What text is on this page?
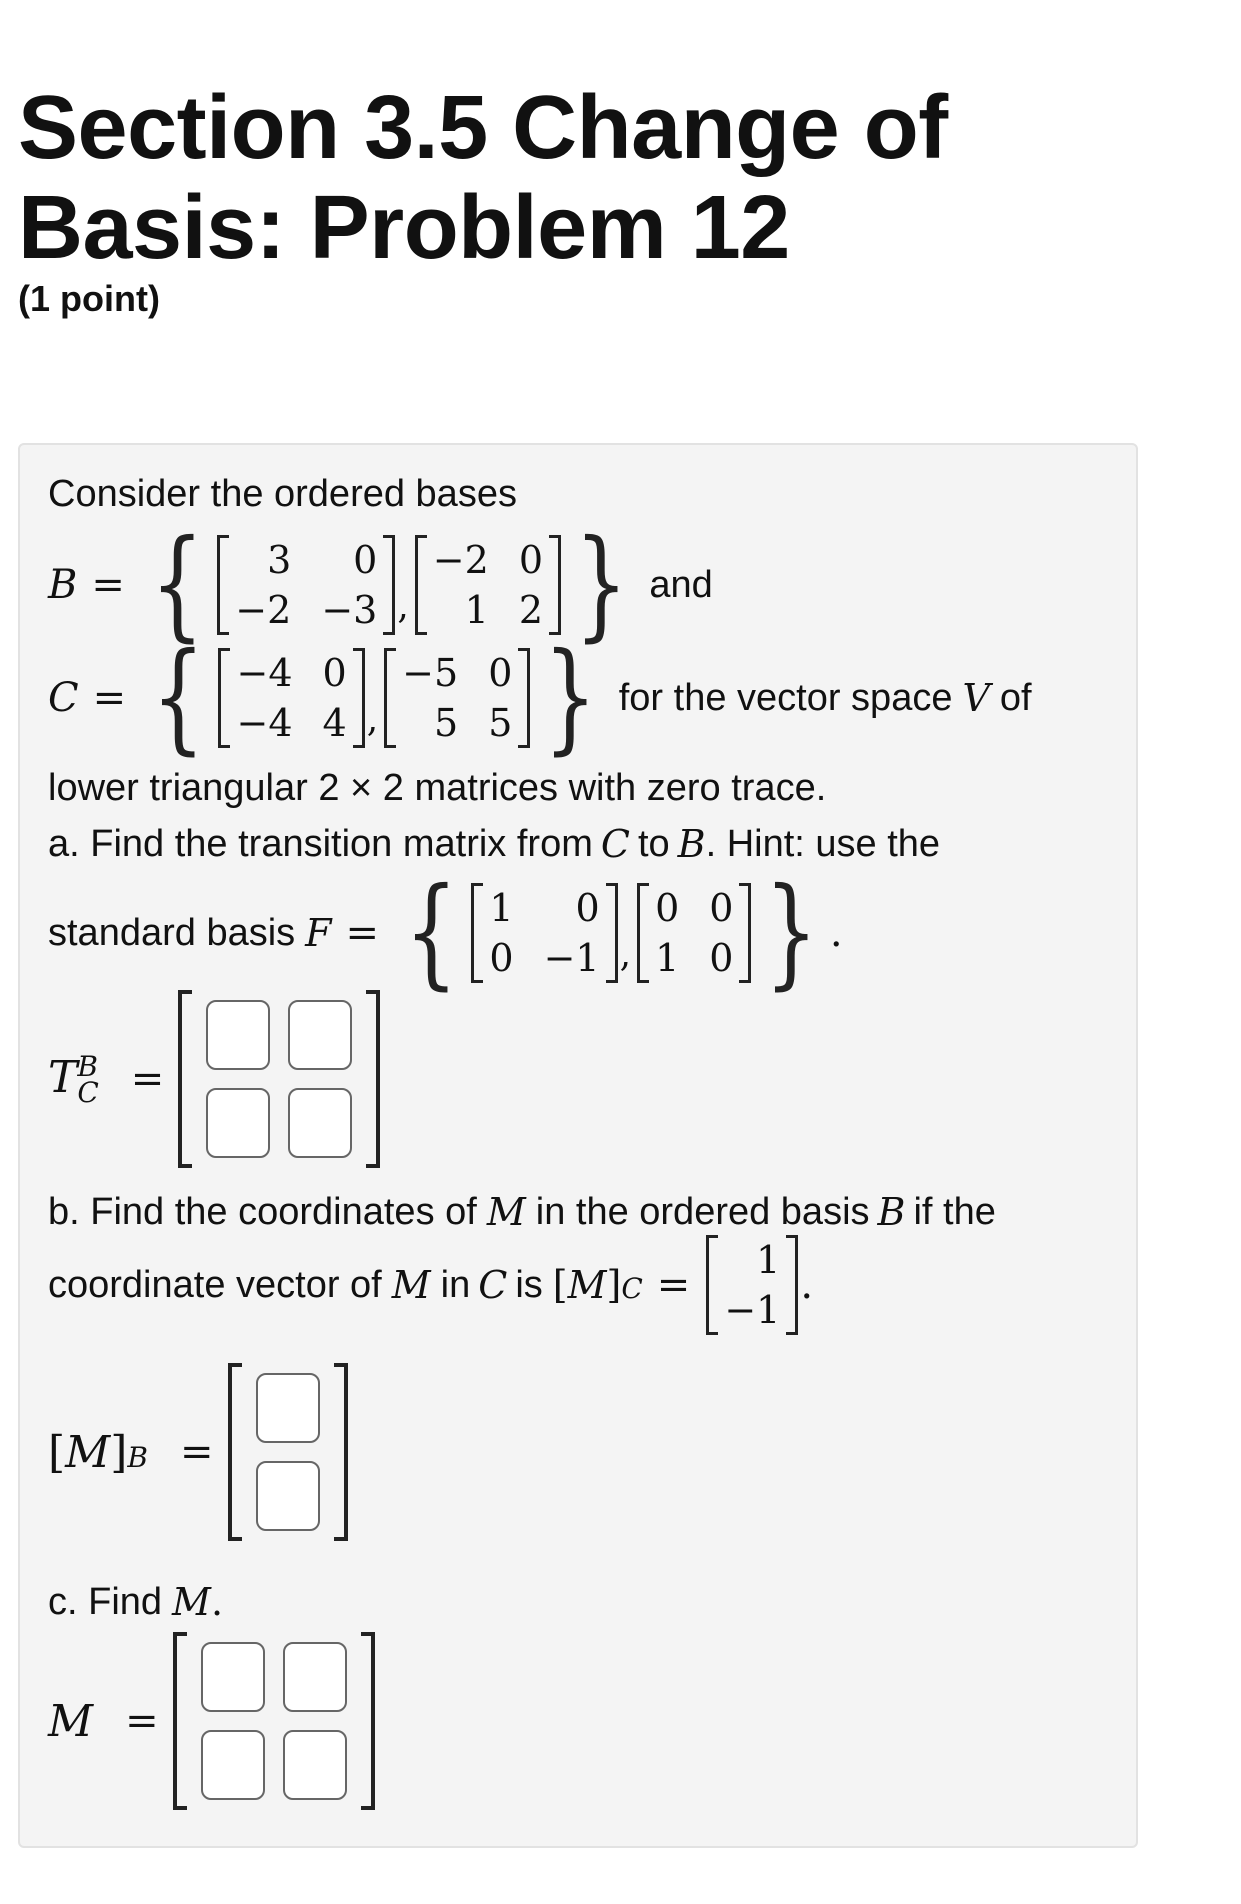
Section 3.5 Change of Basis: Problem 12
(1 point)
Consider the ordered bases
B = {	3	0
−2 −3 ,
−2 0
1 2 } and
C = { −4 0
−4 4 ,
−5 0
5 5 } for the vector space V of
lower triangular 2 × 2 matrices with zero trace.
a. Find the transition matrix from C to B . Hint: use the
standard basis F = { 1	0
0 −1 ,
0 0
1 0 } .
T B
C =
b. Find the coordinates of M in the ordered basis B if the
coordinate vector of M in C is [M]C =
1
−1
.
[M]B =
c. Find M .
M =
